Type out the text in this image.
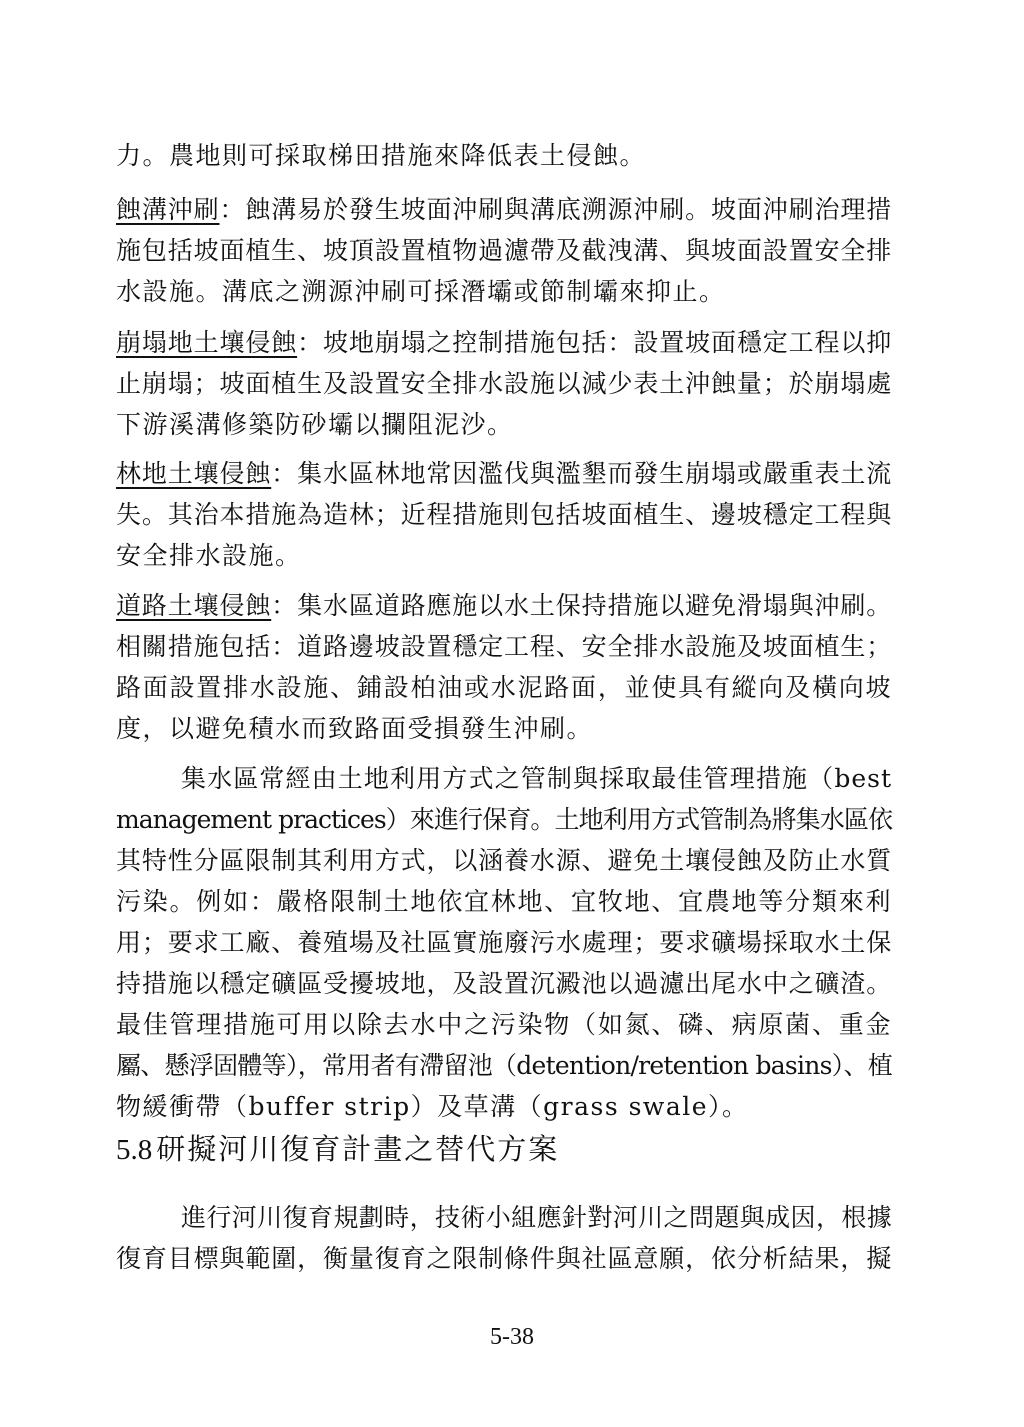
力。農地則可採取梯田措施來降低表土侵蝕。
蝕溝沖刷：蝕溝易於發生坡面沖刷與溝底溯源沖刷。坡面沖刷治理措
施包括坡面植生、坡頂設置植物過濾帶及截洩溝、與坡面設置安全排
水設施。溝底之溯源沖刷可採潛壩或節制壩來抑止。
崩塌地土壤侵蝕：坡地崩塌之控制措施包括：設置坡面穩定工程以抑
止崩塌；坡面植生及設置安全排水設施以減少表土沖蝕量；於崩塌處
下游溪溝修築防砂壩以攔阻泥沙。
林地土壤侵蝕：集水區林地常因濫伐與濫墾而發生崩塌或嚴重表土流
失。其治本措施為造林；近程措施則包括坡面植生、邊坡穩定工程與
安全排水設施。
道路土壤侵蝕：集水區道路應施以水土保持措施以避免滑塌與沖刷。
相關措施包括：道路邊坡設置穩定工程、安全排水設施及坡面植生；
路面設置排水設施、鋪設柏油或水泥路面，並使具有縱向及橫向坡
度，以避免積水而致路面受損發生沖刷。
集水區常經由土地利用方式之管制與採取最佳管理措施（best
management practices）來進行保育。土地利用方式管制為將集水區依
其特性分區限制其利用方式，以涵養水源、避免土壤侵蝕及防止水質
污染。例如：嚴格限制土地依宜林地、宜牧地、宜農地等分類來利
用；要求工廠、養殖場及社區實施廢污水處理；要求礦場採取水土保
持措施以穩定礦區受擾坡地，及設置沉澱池以過濾出尾水中之礦渣。
最佳管理措施可用以除去水中之污染物（如氮、磷、病原菌、重金
屬、懸浮固體等），常用者有滯留池（detention/retention basins）、植
物緩衝帶（buffer strip）及草溝（grass swale）。
5.8 研擬河川復育計畫之替代方案
進行河川復育規劃時，技術小組應針對河川之問題與成因，根據
復育目標與範圍，衡量復育之限制條件與社區意願，依分析結果，擬
5-38
